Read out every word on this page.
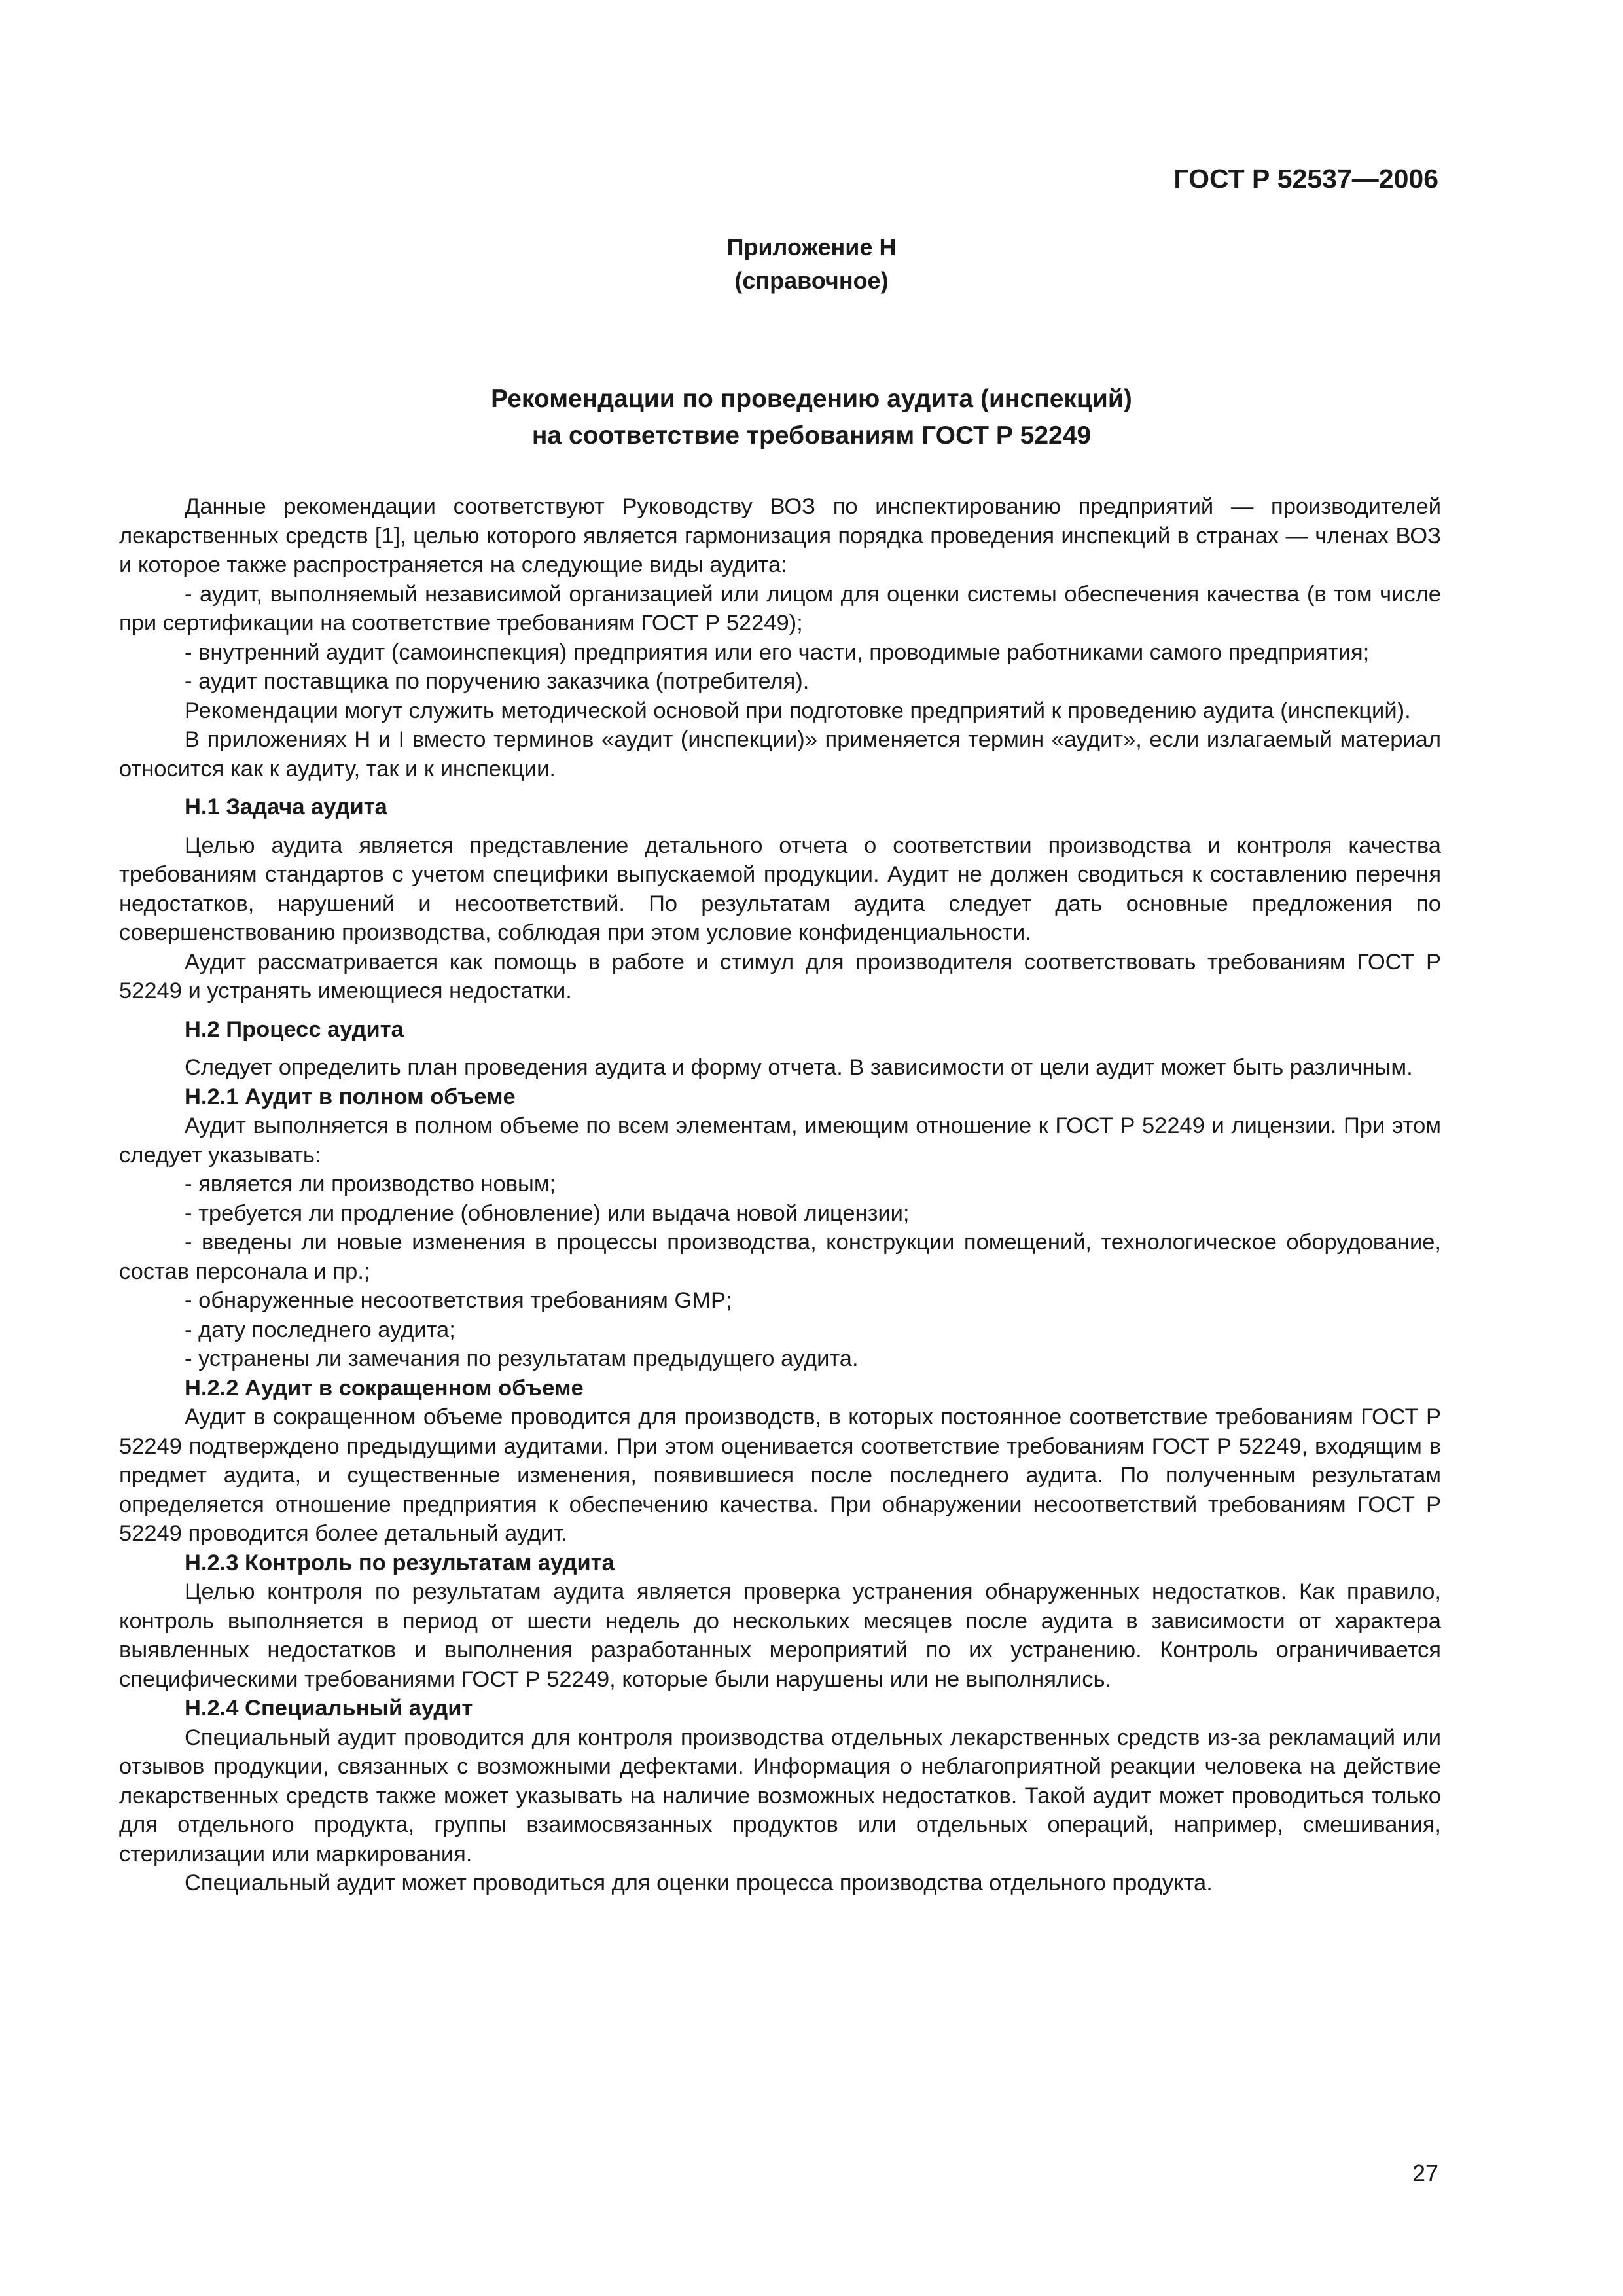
ГОСТ Р 52537—2006
Приложение Н
(справочное)
Рекомендации по проведению аудита (инспекций)
на соответствие требованиям ГОСТ Р 52249

Данные рекомендации соответствуют Руководству ВОЗ по инспектированию предприятий — производителей лекарственных средств [1], целью которого является гармонизация порядка проведения инспекций в странах — членах ВОЗ и которое также распространяется на следующие виды аудита:

- аудит, выполняемый независимой организацией или лицом для оценки системы обеспечения качества (в том числе при сертификации на соответствие требованиям ГОСТ Р 52249);

- внутренний аудит (самоинспекция) предприятия или его части, проводимые работниками самого предприятия;

- аудит поставщика по поручению заказчика (потребителя).

Рекомендации могут служить методической основой при подготовке предприятий к проведению аудита (инспекций).

В приложениях Н и I вместо терминов «аудит (инспекции)» применяется термин «аудит», если излагаемый материал относится как к аудиту, так и к инспекции.

Н.1 Задача аудита

Целью аудита является представление детального отчета о соответствии производства и контроля качества требованиям стандартов с учетом специфики выпускаемой продукции. Аудит не должен сводиться к составлению перечня недостатков, нарушений и несоответствий. По результатам аудита следует дать основные предложения по совершенствованию производства, соблюдая при этом условие конфиденциальности.

Аудит рассматривается как помощь в работе и стимул для производителя соответствовать требованиям ГОСТ Р 52249 и устранять имеющиеся недостатки.

Н.2 Процесс аудита

Следует определить план проведения аудита и форму отчета. В зависимости от цели аудит может быть различным.

Н.2.1 Аудит в полном объеме

Аудит выполняется в полном объеме по всем элементам, имеющим отношение к ГОСТ Р 52249 и лицензии. При этом следует указывать:

- является ли производство новым;

- требуется ли продление (обновление) или выдача новой лицензии;

- введены ли новые изменения в процессы производства, конструкции помещений, технологическое оборудование, состав персонала и пр.;

- обнаруженные несоответствия требованиям GMP;

- дату последнего аудита;

- устранены ли замечания по результатам предыдущего аудита.

Н.2.2 Аудит в сокращенном объеме

Аудит в сокращенном объеме проводится для производств, в которых постоянное соответствие требованиям ГОСТ Р 52249 подтверждено предыдущими аудитами. При этом оценивается соответствие требованиям ГОСТ Р 52249, входящим в предмет аудита, и существенные изменения, появившиеся после последнего аудита. По полученным результатам определяется отношение предприятия к обеспечению качества. При обнаружении несоответствий требованиям ГОСТ Р 52249 проводится более детальный аудит.

Н.2.3 Контроль по результатам аудита

Целью контроля по результатам аудита является проверка устранения обнаруженных недостатков. Как правило, контроль выполняется в период от шести недель до нескольких месяцев после аудита в зависимости от характера выявленных недостатков и выполнения разработанных мероприятий по их устранению. Контроль ограничивается специфическими требованиями ГОСТ Р 52249, которые были нарушены или не выполнялись.

Н.2.4 Специальный аудит

Специальный аудит проводится для контроля производства отдельных лекарственных средств из-за рекламаций или отзывов продукции, связанных с возможными дефектами. Информация о неблагоприятной реакции человека на действие лекарственных средств также может указывать на наличие возможных недостатков. Такой аудит может проводиться только для отдельного продукта, группы взаимосвязанных продуктов или отдельных операций, например, смешивания, стерилизации или маркирования.

Специальный аудит может проводиться для оценки процесса производства отдельного продукта.

27
